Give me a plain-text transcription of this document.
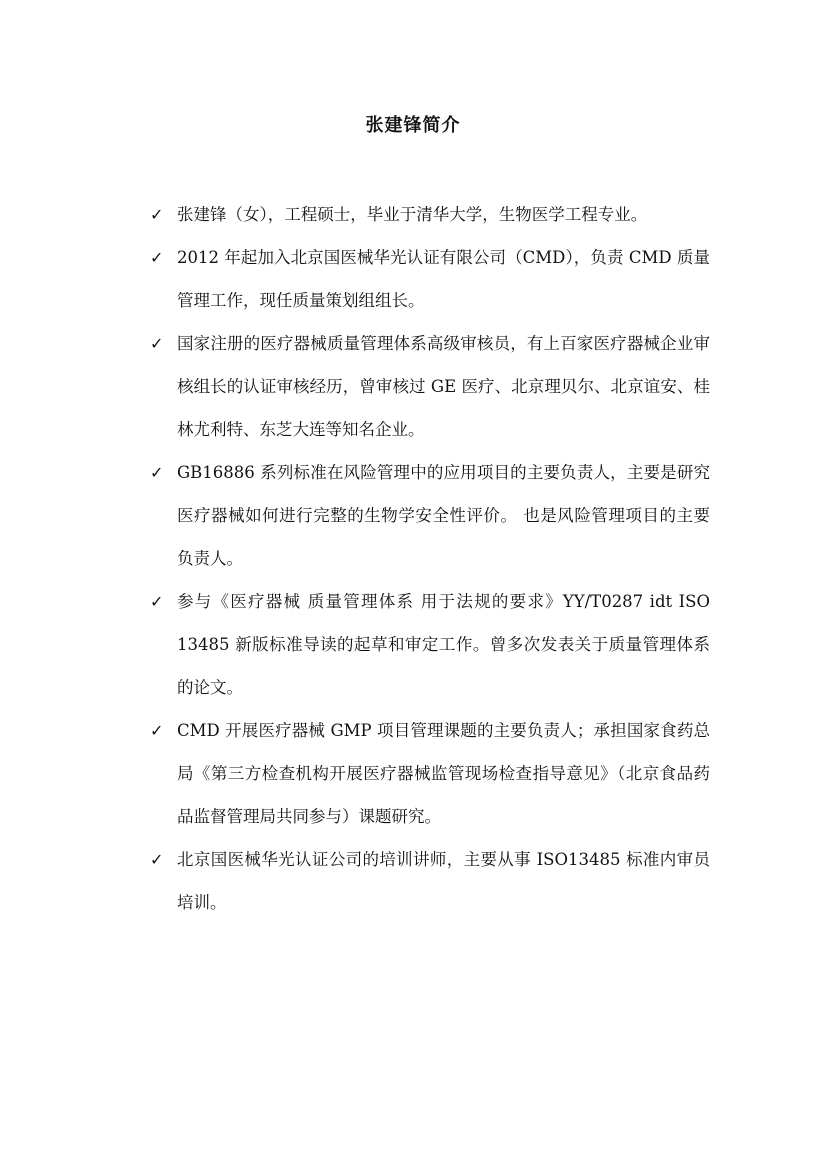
张建锋简介
✓ 张建锋（女），工程硕士，毕业于清华大学，生物医学工程专业。
✓ 2012 年起加入北京国医械华光认证有限公司（CMD），负责 CMD 质量管理工作，现任质量策划组组长。
✓ 国家注册的医疗器械质量管理体系高级审核员，有上百家医疗器械企业审核组长的认证审核经历，曾审核过 GE 医疗、北京理贝尔、北京谊安、桂林尤利特、东芝大连等知名企业。
✓ GB16886 系列标准在风险管理中的应用项目的主要负责人，主要是研究医疗器械如何进行完整的生物学安全性评价。 也是风险管理项目的主要负责人。
✓ 参与《医疗器械 质量管理体系 用于法规的要求》YY/T0287 idt ISO 13485 新版标准导读的起草和审定工作。曾多次发表关于质量管理体系的论文。
✓ CMD 开展医疗器械 GMP 项目管理课题的主要负责人；承担国家食药总局《第三方检查机构开展医疗器械监管现场检查指导意见》（北京食品药品监督管理局共同参与）课题研究。
✓ 北京国医械华光认证公司的培训讲师，主要从事 ISO13485 标准内审员培训。
